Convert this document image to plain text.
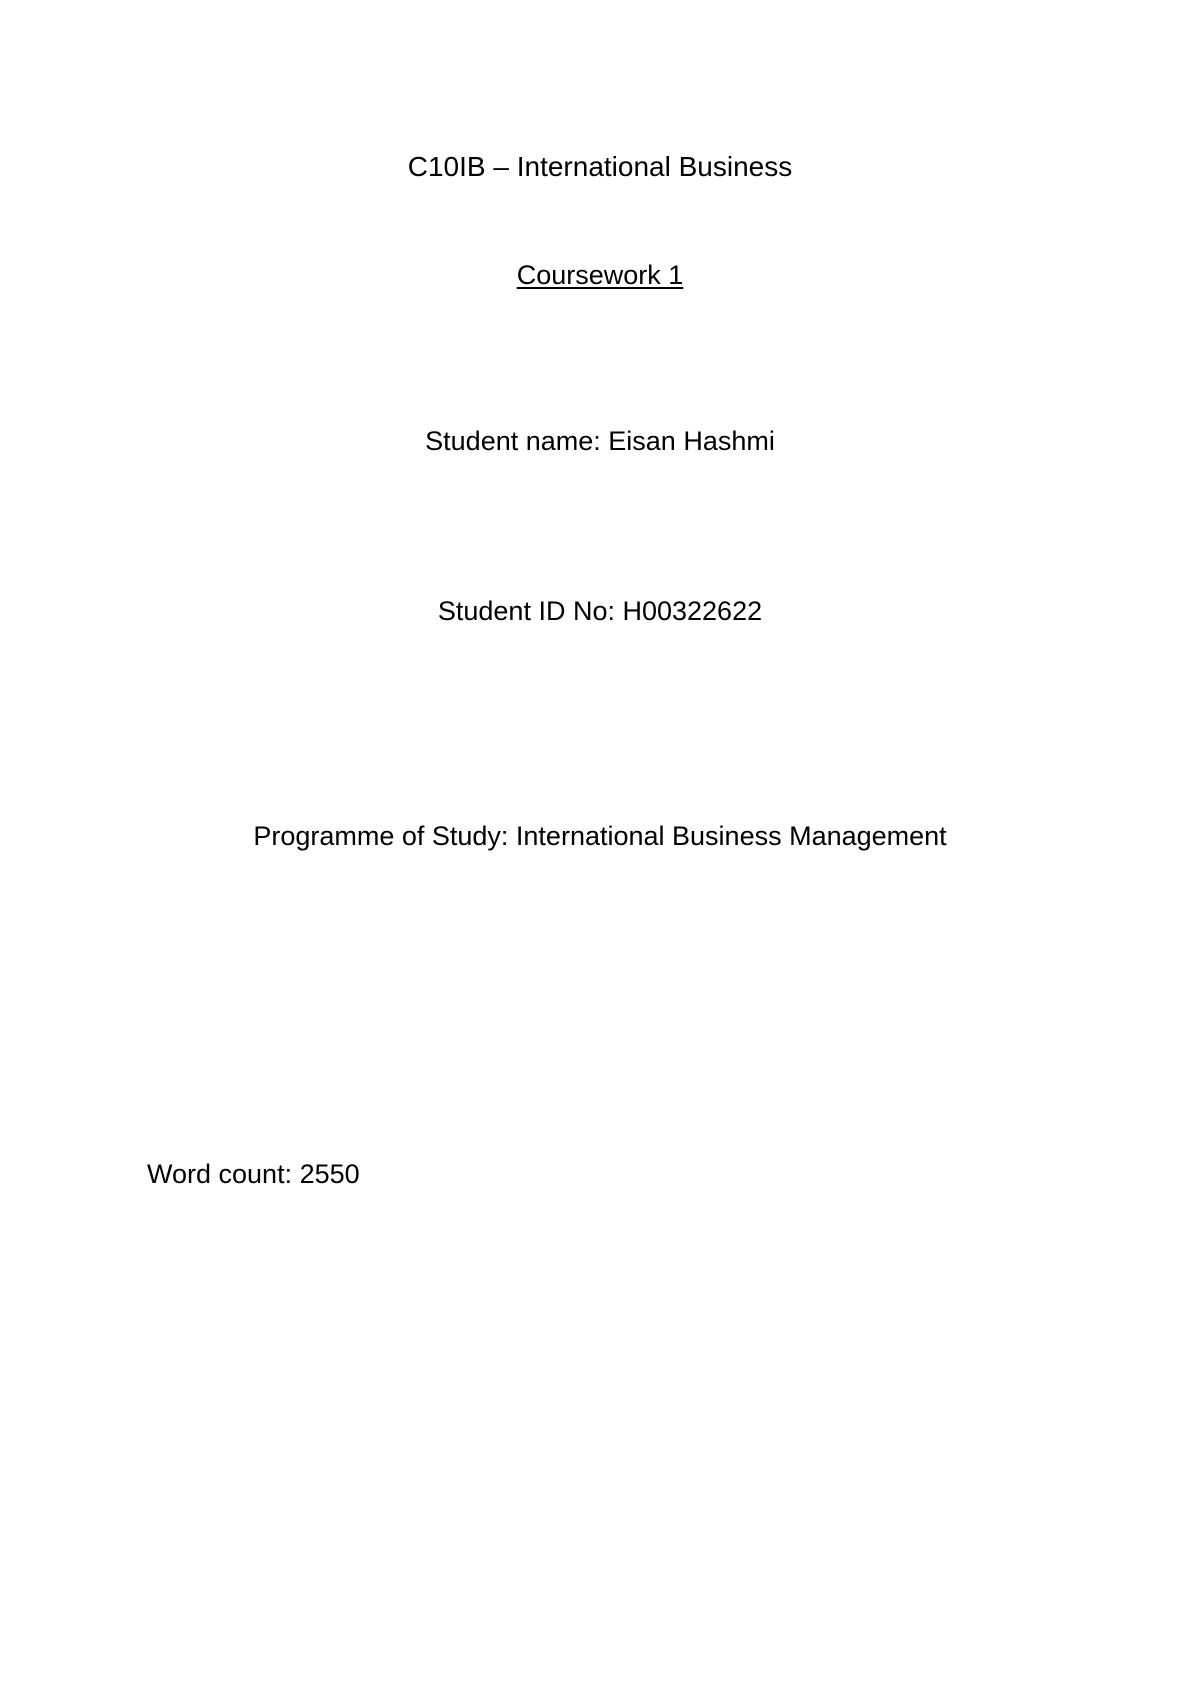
C10IB – International Business
Coursework 1
Student name: Eisan Hashmi
Student ID No: H00322622
Programme of Study: International Business Management
Word count: 2550
